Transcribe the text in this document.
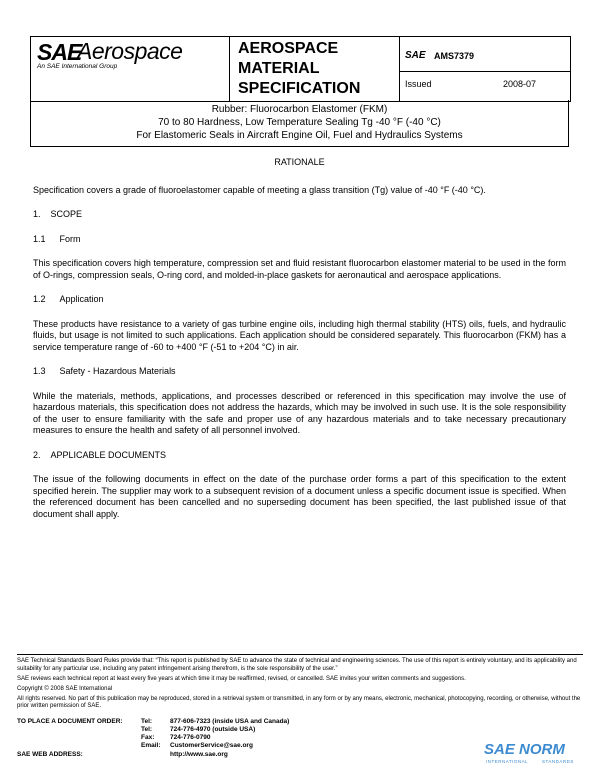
SAE
Aerospace
An SAE International Group
AEROSPACE
MATERIAL
SPECIFICATION
SAE AMS7379
Issued	2008-07
Rubber: Fluorocarbon Elastomer (FKM)
70 to 80 Hardness, Low Temperature Sealing Tg -40 °F (-40 °C)
For Elastomeric Seals in Aircraft Engine Oil, Fuel and Hydraulics Systems

RATIONALE

Specification covers a grade of fluoroelastomer capable of meeting a glass transition (Tg) value of -40 °F (-40 °C).

1. SCOPE

1.1 Form

This specification covers high temperature, compression set and fluid resistant fluorocarbon elastomer material to be used in the form of O-rings, compression seals, O-ring cord, and molded-in-place gaskets for aeronautical and aerospace applications.

1.2 Application

These products have resistance to a variety of gas turbine engine oils, including high thermal stability (HTS) oils, fuels, and hydraulic fluids, but usage is not limited to such applications. Each application should be considered separately. This fluorocarbon (FKM) has a service temperature range of -60 to +400 °F (-51 to +204 °C) in air.

1.3 Safety - Hazardous Materials

While the materials, methods, applications, and processes described or referenced in this specification may involve the use of hazardous materials, this specification does not address the hazards, which may be involved in such use. It is the sole responsibility of the user to ensure familiarity with the safe and proper use of any hazardous materials and to take necessary precautionary measures to ensure the health and safety of all personnel involved.

2. APPLICABLE DOCUMENTS

The issue of the following documents in effect on the date of the purchase order forms a part of this specification to the extent specified herein. The supplier may work to a subsequent revision of a document unless a specific document issue is specified. When the referenced document has been cancelled and no superseding document has been specified, the last published issue of that document shall apply.

SAE Technical Standards Board Rules provide that: “This report is published by SAE to advance the state of technical and engineering sciences. The use of this report is entirely voluntary, and its applicability and suitability for any particular use, including any patent infringement arising therefrom, is the sole responsibility of the user.”

SAE reviews each technical report at least every five years at which time it may be reaffirmed, revised, or cancelled. SAE invites your written comments and suggestions.

Copyright © 2008 SAE International

All rights reserved. No part of this publication may be reproduced, stored in a retrieval system or transmitted, in any form or by any means, electronic, mechanical, photocopying, recording, or otherwise, without the prior written permission of SAE.

TO PLACE A DOCUMENT ORDER:	Tel:	877-606-7323 (inside USA and Canada)
Tel:	724-776-4970 (outside USA)
Fax: 724-776-0790
Email: CustomerService@sae.org
SAE WEB ADDRESS:	http://www.sae.org	SAE NORM
INTERNATIONAL	STANDARDS
